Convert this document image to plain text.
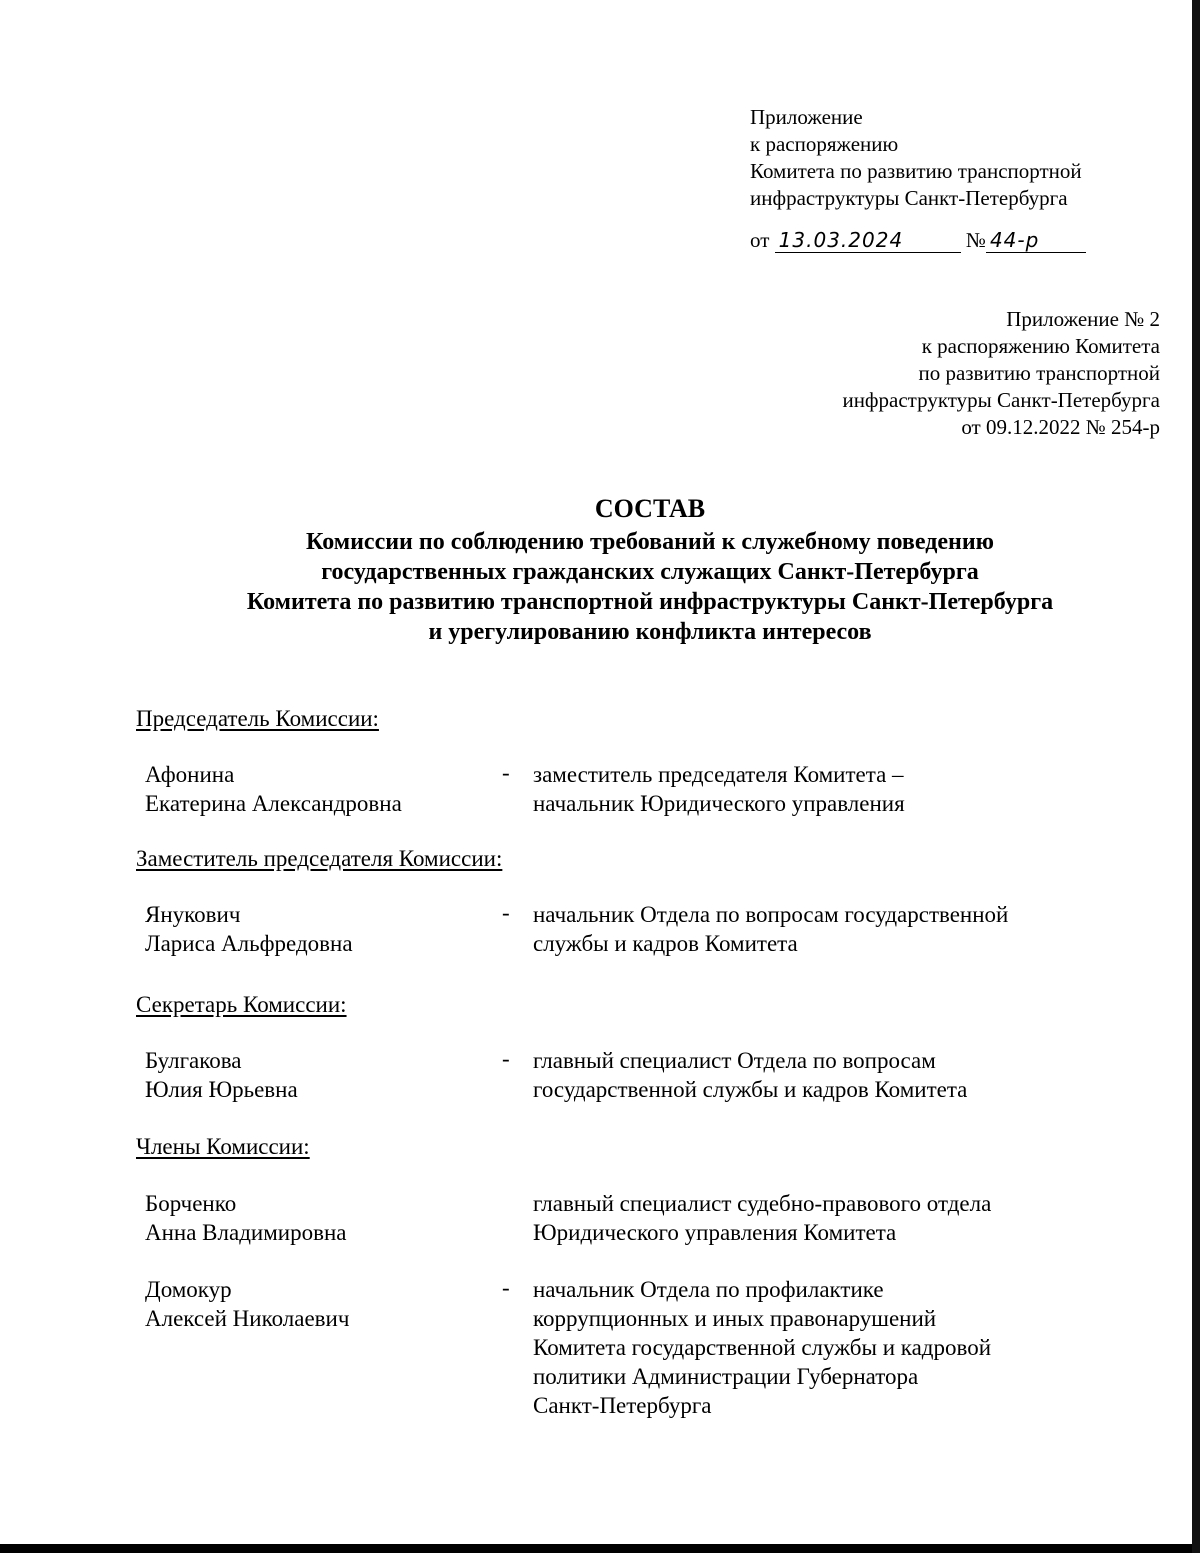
Приложение
к распоряжению
Комитета по развитию транспортной
инфраструктуры Санкт-Петербурга
от 13.03.2024	№ 44-р
Приложение № 2
к распоряжению Комитета
по развитию транспортной
инфраструктуры Санкт-Петербурга
от 09.12.2022 № 254-р
СОСТАВ
Комиссии по соблюдению требований к служебному поведению
государственных гражданских служащих Санкт-Петербурга
Комитета по развитию транспортной инфраструктуры Санкт-Петербурга
и урегулированию конфликта интересов
Председатель Комиссии:
Афонина
Екатерина Александровна
- заместитель председателя Комитета –
начальник Юридического управления
Заместитель председателя Комиссии:
Янукович
Лариса Альфредовна
- начальник Отдела по вопросам государственной
службы и кадров Комитета
Секретарь Комиссии:
Булгакова
Юлия Юрьевна
- главный специалист Отдела по вопросам
государственной службы и кадров Комитета
Члены Комиссии:
Борченко
Анна Владимировна
главный специалист судебно-правового отдела
Юридического управления Комитета
Домокур
Алексей Николаевич
- начальник Отдела по профилактике
коррупционных и иных правонарушений
Комитета государственной службы и кадровой
политики Администрации Губернатора
Санкт-Петербурга
